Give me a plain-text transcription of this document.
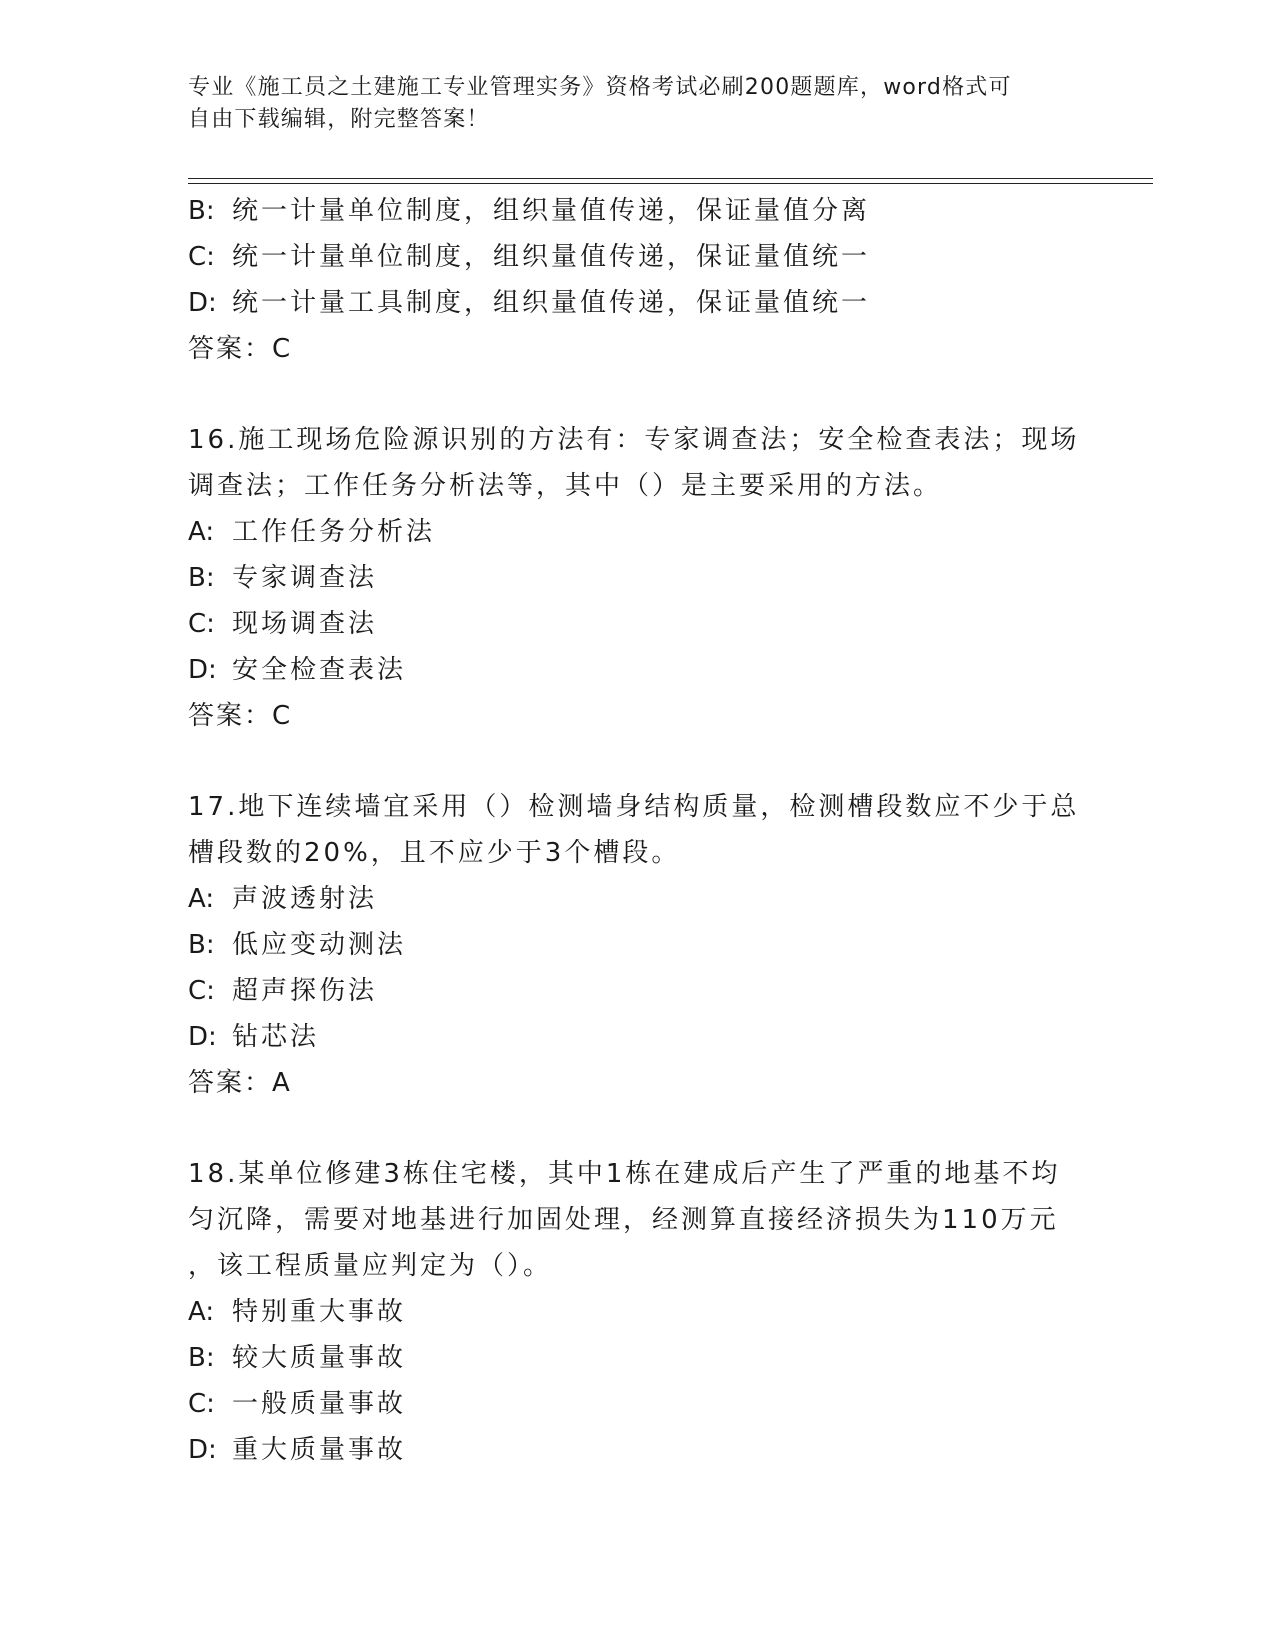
专业《施工员之土建施工专业管理实务》资格考试必刷200题题库，word格式可
自由下载编辑，附完整答案！
B: 统一计量单位制度，组织量值传递，保证量值分离
C: 统一计量单位制度，组织量值传递，保证量值统一
D: 统一计量工具制度，组织量值传递，保证量值统一
答案：C
16.施工现场危险源识别的方法有：专家调查法；安全检查表法；现场
调查法；工作任务分析法等，其中（）是主要采用的方法。
A: 工作任务分析法
B: 专家调查法
C: 现场调查法
D: 安全检查表法
答案：C
17.地下连续墙宜采用（）检测墙身结构质量，检测槽段数应不少于总
槽段数的20%，且不应少于3个槽段。
A: 声波透射法
B: 低应变动测法
C: 超声探伤法
D: 钻芯法
答案：A
18.某单位修建3栋住宅楼，其中1栋在建成后产生了严重的地基不均
匀沉降，需要对地基进行加固处理，经测算直接经济损失为110万元
，该工程质量应判定为（）。
A: 特别重大事故
B: 较大质量事故
C: 一般质量事故
D: 重大质量事故
